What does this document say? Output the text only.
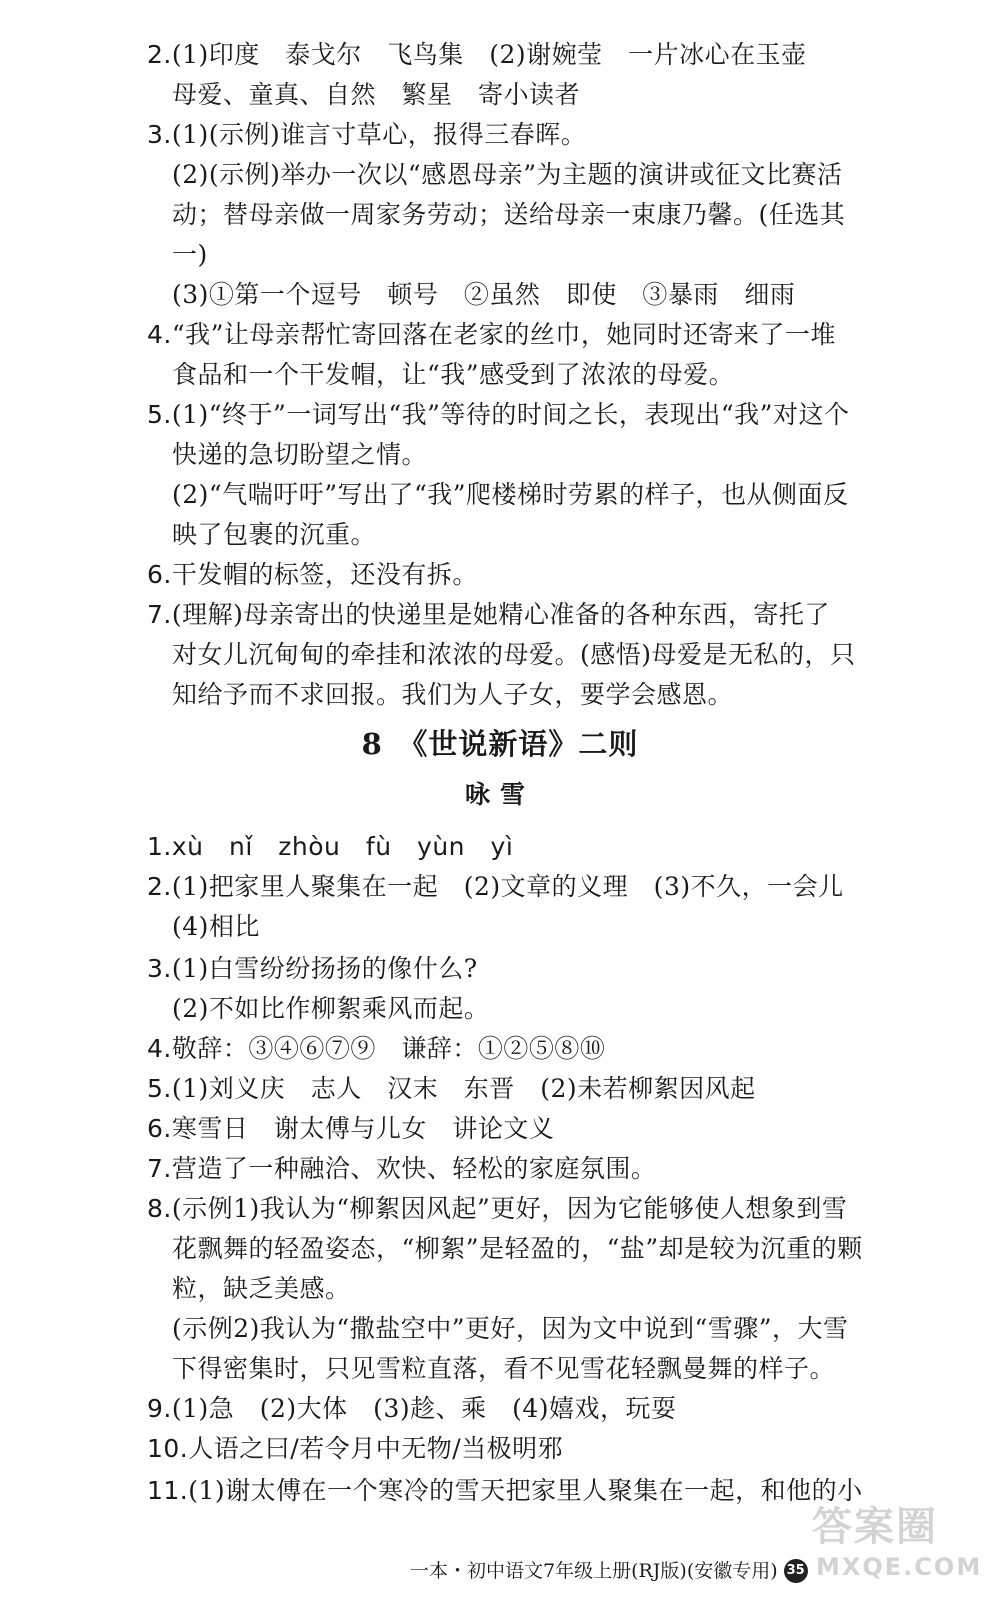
2.(1)印度　泰戈尔　飞鸟集　(2)谢婉莹　一片冰心在玉壶
母爱、童真、自然　繁星　寄小读者
3.(1)(示例)谁言寸草心，报得三春晖。
(2)(示例)举办一次以“感恩母亲”为主题的演讲或征文比赛活
动；替母亲做一周家务劳动；送给母亲一束康乃馨。(任选其
一)
(3)①第一个逗号　顿号　②虽然　即使　③暴雨　细雨
4.“我”让母亲帮忙寄回落在老家的丝巾，她同时还寄来了一堆
食品和一个干发帽，让“我”感受到了浓浓的母爱。
5.(1)“终于”一词写出“我”等待的时间之长，表现出“我”对这个
快递的急切盼望之情。
(2)“气喘吁吁”写出了“我”爬楼梯时劳累的样子，也从侧面反
映了包裹的沉重。
6.干发帽的标签，还没有拆。
7.(理解)母亲寄出的快递里是她精心准备的各种东西，寄托了
对女儿沉甸甸的牵挂和浓浓的母爱。(感悟)母爱是无私的，只
知给予而不求回报。我们为人子女，要学会感恩。
8　《世说新语》二则
咏雪
1.xù　nǐ　zhòu　fù　yùn　yì
2.(1)把家里人聚集在一起　(2)文章的义理　(3)不久，一会儿
(4)相比
3.(1)白雪纷纷扬扬的像什么?
(2)不如比作柳絮乘风而起。
4.敬辞：③④⑥⑦⑨　谦辞：①②⑤⑧⑩
5.(1)刘义庆　志人　汉末　东晋　(2)未若柳絮因风起
6.寒雪日　谢太傅与儿女　讲论文义
7.营造了一种融洽、欢快、轻松的家庭氛围。
8.(示例1)我认为“柳絮因风起”更好，因为它能够使人想象到雪
花飘舞的轻盈姿态，“柳絮”是轻盈的，“盐”却是较为沉重的颗
粒，缺乏美感。
(示例2)我认为“撒盐空中”更好，因为文中说到“雪骤”，大雪
下得密集时，只见雪粒直落，看不见雪花轻飘曼舞的样子。
9.(1)急　(2)大体　(3)趁、乘　(4)嬉戏，玩耍
10.人语之曰/若令月中无物/当极明邪
11.(1)谢太傅在一个寒冷的雪天把家里人聚集在一起，和他的小
一本・初中语文7年级上册(RJ版)(安徽专用) 35
答案圈
MXQE.COM
